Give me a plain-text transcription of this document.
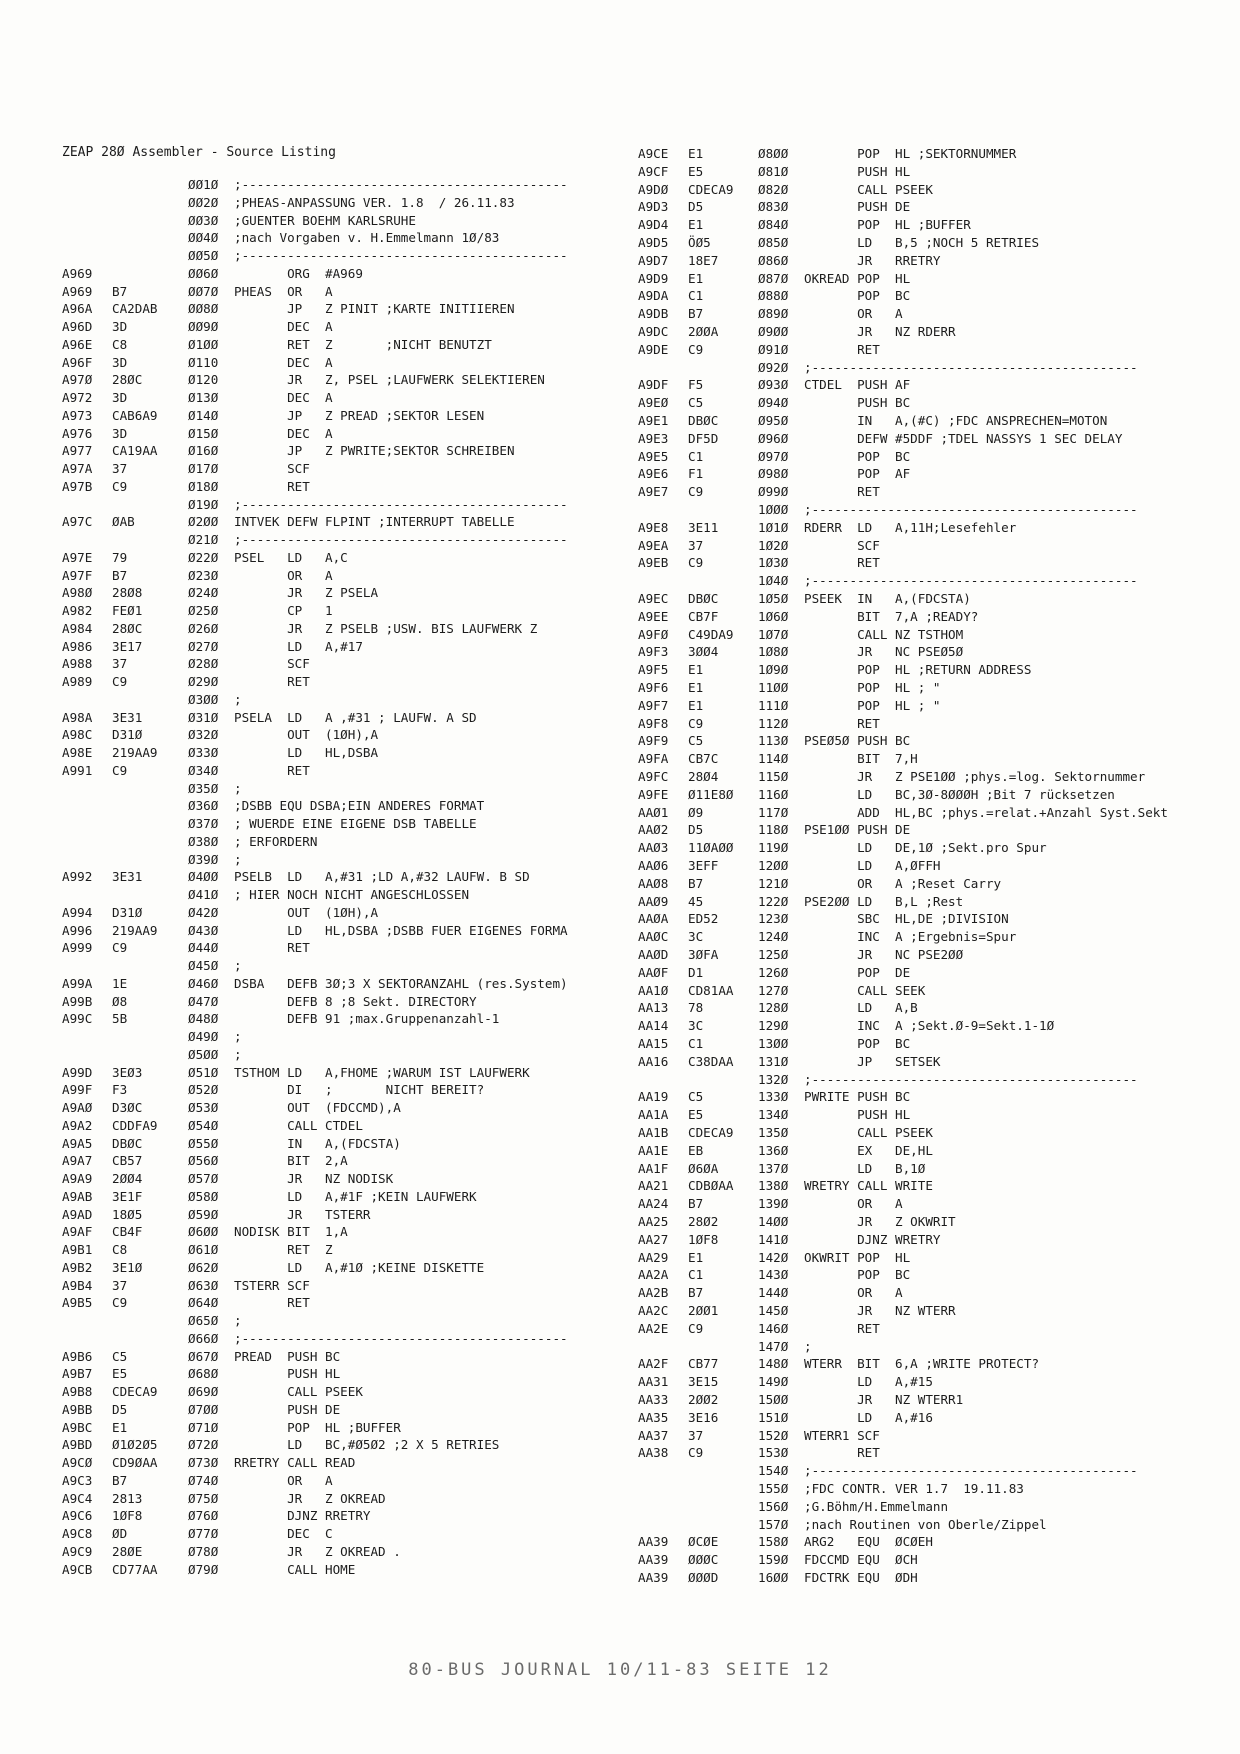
ZEAP 28Ø Assembler - Source Listing
ØØ1Ø ;-------------------------------------------
ØØ2Ø ;PHEAS-ANPASSUNG VER. 1.8  / 26.11.83
ØØ3Ø ;GUENTER BOEHM KARLSRUHE
ØØ4Ø ;nach Vorgaben v. H.Emmelmann 1Ø/83
ØØ5Ø ;-------------------------------------------
A969	ØØ6Ø ORG  #A969
A969 B7	ØØ7Ø PHEAS  OR   A
A96A CA2DAB ØØ8Ø JP   Z PINIT ;KARTE INITIIEREN
A96D 3D	ØØ9Ø DEC  A
A96E C8	Ø1ØØ RET  Z       ;NICHT BENUTZT
A96F 3D	Ø110 DEC  A
A97Ø 28ØC	Ø120 JR   Z, PSEL ;LAUFWERK SELEKTIEREN
A972 3D	Ø13Ø DEC  A
A973 CAB6A9 Ø14Ø JP   Z PREAD ;SEKTOR LESEN
A976 3D	Ø15Ø DEC  A
A977 CA19AA Ø16Ø JP   Z PWRITE;SEKTOR SCHREIBEN
A97A 37	Ø17Ø SCF
A97B C9	Ø18Ø RET
Ø19Ø ;-------------------------------------------
A97C ØAB	Ø2ØØ INTVEK DEFW FLPINT ;INTERRUPT TABELLE
Ø21Ø ;-------------------------------------------
A97E 79	Ø22Ø PSEL   LD   A,C
A97F B7	Ø23Ø OR   A
A98Ø 28Ø8	Ø24Ø JR   Z PSELA
A982 FEØ1	Ø25Ø CP   1
A984 28ØC	Ø26Ø JR   Z PSELB ;USW. BIS LAUFWERK Z
A986 3E17	Ø27Ø LD   A,#17
A988 37	Ø28Ø SCF
A989 C9	Ø29Ø RET
Ø3ØØ ;
A98A 3E31	Ø31Ø PSELA  LD   A ,#31 ; LAUFW. A SD
A98C D31Ø	Ø32Ø OUT  (1ØH),A
A98E 219AA9 Ø33Ø LD   HL,DSBA
A991 C9	Ø34Ø RET
Ø35Ø ;
Ø36Ø ;DSBB EQU DSBA;EIN ANDERES FORMAT
Ø37Ø ; WUERDE EINE EIGENE DSB TABELLE
Ø38Ø ; ERFORDERN
Ø39Ø ;
A992 3E31	Ø4ØØ PSELB  LD   A,#31 ;LD A,#32 LAUFW. B SD
Ø41Ø ; HIER NOCH NICHT ANGESCHLOSSEN
A994 D31Ø	Ø42Ø OUT  (1ØH),A
A996 219AA9 Ø43Ø LD   HL,DSBA ;DSBB FUER EIGENES FORMA
A999 C9	Ø44Ø RET
Ø45Ø ;
A99A 1E	Ø46Ø DSBA   DEFB 3Ø;3 X SEKTORANZAHL (res.System)
A99B Ø8	Ø47Ø DEFB 8 ;8 Sekt. DIRECTORY
A99C 5B	Ø48Ø DEFB 91 ;max.Gruppenanzahl-1
Ø49Ø ;
Ø5ØØ ;
A99D 3EØ3	Ø51Ø TSTHOM LD   A,FHOME ;WARUM IST LAUFWERK
A99F F3	Ø52Ø DI   ;       NICHT BEREIT?
A9AØ D3ØC	Ø53Ø OUT  (FDCCMD),A
A9A2 CDDFA9 Ø54Ø CALL CTDEL
A9A5 DBØC	Ø55Ø IN   A,(FDCSTA)
A9A7 CB57	Ø56Ø BIT  2,A
A9A9 2ØØ4	Ø57Ø JR   NZ NODISK
A9AB 3E1F	Ø58Ø LD   A,#1F ;KEIN LAUFWERK
A9AD 18Ø5	Ø59Ø JR   TSTERR
A9AF CB4F	Ø6ØØ NODISK BIT  1,A
A9B1 C8	Ø61Ø RET  Z
A9B2 3E1Ø	Ø62Ø LD   A,#1Ø ;KEINE DISKETTE
A9B4 37	Ø63Ø TSTERR SCF
A9B5 C9	Ø64Ø RET
Ø65Ø ;
Ø66Ø ;-------------------------------------------
A9B6 C5	Ø67Ø PREAD  PUSH BC
A9B7 E5	Ø68Ø PUSH HL
A9B8 CDECA9 Ø69Ø CALL PSEEK
A9BB D5	Ø7ØØ PUSH DE
A9BC E1	Ø71Ø POP  HL ;BUFFER
A9BD Ø1Ø2Ø5 Ø72Ø LD   BC,#Ø5Ø2 ;2 X 5 RETRIES
A9CØ CD9ØAA Ø73Ø RRETRY CALL READ
A9C3 B7	Ø74Ø OR   A
A9C4 2813	Ø75Ø JR   Z OKREAD
A9C6 1ØF8	Ø76Ø DJNZ RRETRY
A9C8 ØD	Ø77Ø DEC  C
A9C9 28ØE	Ø78Ø JR   Z OKREAD .
A9CB CD77AA Ø79Ø CALL HOME
A9CE E1	Ø8ØØ POP  HL ;SEKTORNUMMER
A9CF E5	Ø81Ø PUSH HL
A9DØ CDECA9 Ø82Ø CALL PSEEK
A9D3 D5	Ø83Ø PUSH DE
A9D4 E1	Ø84Ø POP  HL ;BUFFER
A9D5 ÖØ5	Ø85Ø LD   B,5 ;NOCH 5 RETRIES
A9D7 18E7	Ø86Ø JR   RRETRY
A9D9 E1	Ø87Ø OKREAD POP  HL
A9DA C1	Ø88Ø POP  BC
A9DB B7	Ø89Ø OR   A
A9DC 2ØØA	Ø9ØØ JR   NZ RDERR
A9DE C9	Ø91Ø RET
Ø92Ø ;-------------------------------------------
A9DF F5	Ø93Ø CTDEL  PUSH AF
A9EØ C5	Ø94Ø PUSH BC
A9E1 DBØC	Ø95Ø IN   A,(#C) ;FDC ANSPRECHEN=MOTON
A9E3 DF5D	Ø96Ø DEFW #5DDF ;TDEL NASSYS 1 SEC DELAY
A9E5 C1	Ø97Ø POP  BC
A9E6 F1	Ø98Ø POP  AF
A9E7 C9	Ø99Ø RET
1ØØØ ;-------------------------------------------
A9E8 3E11	1Ø1Ø RDERR  LD   A,11H;Lesefehler
A9EA 37	1Ø2Ø SCF
A9EB C9	1Ø3Ø RET
1Ø4Ø ;-------------------------------------------
A9EC DBØC	1Ø5Ø PSEEK  IN   A,(FDCSTA)
A9EE CB7F	1Ø6Ø BIT  7,A ;READY?
A9FØ C49DA9 1Ø7Ø CALL NZ TSTHOM
A9F3 3ØØ4	1Ø8Ø JR   NC PSEØ5Ø
A9F5 E1	1Ø9Ø POP  HL ;RETURN ADDRESS
A9F6 E1	11ØØ POP  HL ; "
A9F7 E1	111Ø POP  HL ; "
A9F8 C9	112Ø RET
A9F9 C5	113Ø PSEØ5Ø PUSH BC
A9FA CB7C	114Ø BIT  7,H
A9FC 28Ø4	115Ø JR   Z PSE1ØØ ;phys.=log. Sektornummer
A9FE Ø11E8Ø 116Ø LD   BC,3Ø-8ØØØH ;Bit 7 rücksetzen
AAØ1 Ø9	117Ø ADD  HL,BC ;phys.=relat.+Anzahl Syst.Sekt
AAØ2 D5	118Ø PSE1ØØ PUSH DE
AAØ3 11ØAØØ 119Ø LD   DE,1Ø ;Sekt.pro Spur
AAØ6 3EFF	12ØØ LD   A,ØFFH
AAØ8 B7	121Ø OR   A ;Reset Carry
AAØ9 45	122Ø PSE2ØØ LD   B,L ;Rest
AAØA ED52	123Ø SBC  HL,DE ;DIVISION
AAØC 3C	124Ø INC  A ;Ergebnis=Spur
AAØD 3ØFA	125Ø JR   NC PSE2ØØ
AAØF D1	126Ø POP  DE
AA1Ø CD81AA 127Ø CALL SEEK
AA13 78	128Ø LD   A,B
AA14 3C	129Ø INC  A ;Sekt.Ø-9=Sekt.1-1Ø
AA15 C1	13ØØ POP  BC
AA16 C38DAA 131Ø JP   SETSEK
132Ø ;-------------------------------------------
AA19 C5	133Ø PWRITE PUSH BC
AA1A E5	134Ø PUSH HL
AA1B CDECA9 135Ø CALL PSEEK
AA1E EB	136Ø EX   DE,HL
AA1F Ø6ØA	137Ø LD   B,1Ø
AA21 CDBØAA 138Ø WRETRY CALL WRITE
AA24 B7	139Ø OR   A
AA25 28Ø2	14ØØ JR   Z OKWRIT
AA27 1ØF8	141Ø DJNZ WRETRY
AA29 E1	142Ø OKWRIT POP  HL
AA2A C1	143Ø POP  BC
AA2B B7	144Ø OR   A
AA2C 2ØØ1	145Ø JR   NZ WTERR
AA2E C9	146Ø RET
147Ø ;
AA2F CB77	148Ø WTERR  BIT  6,A ;WRITE PROTECT?
AA31 3E15	149Ø LD   A,#15
AA33 2ØØ2	15ØØ JR   NZ WTERR1
AA35 3E16	151Ø LD   A,#16
AA37 37	152Ø WTERR1 SCF
AA38 C9	153Ø RET
154Ø ;-------------------------------------------
155Ø ;FDC CONTR. VER 1.7  19.11.83
156Ø ;G.Böhm/H.Emmelmann
157Ø ;nach Routinen von Oberle/Zippel
AA39 ØCØE	158Ø ARG2   EQU  ØCØEH
AA39 ØØØC	159Ø FDCCMD EQU  ØCH
AA39 ØØØD	16ØØ FDCTRK EQU  ØDH
80-BUS JOURNAL 10/11-83 SEITE 12
